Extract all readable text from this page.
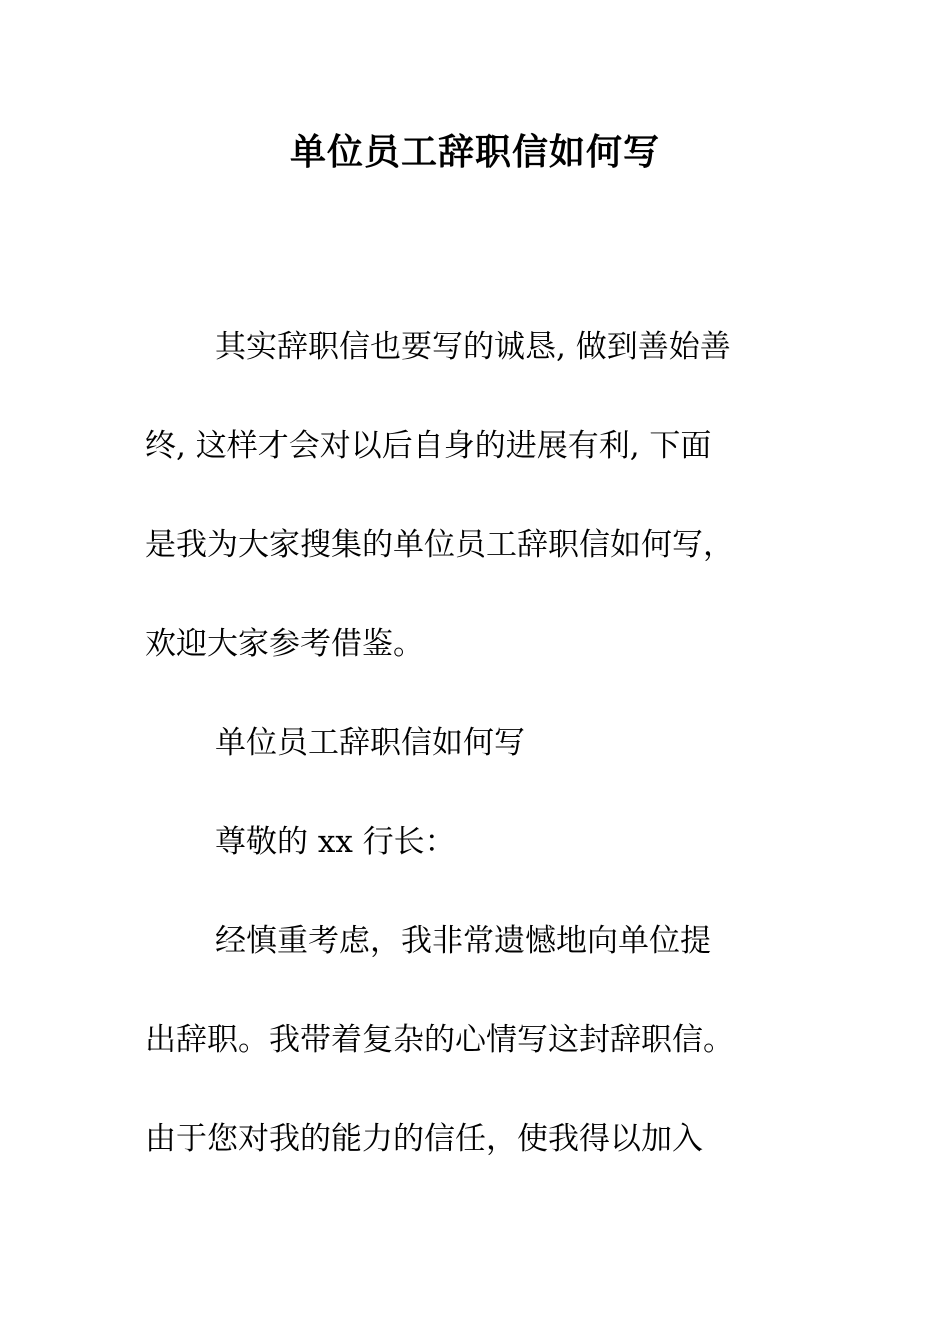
单位员工辞职信如何写
其实辞职信也要写的诚恳, 做到善始善
终, 这样才会对以后自身的进展有利, 下面
是我为大家搜集的单位员工辞职信如何写，
欢迎大家参考借鉴。
单位员工辞职信如何写
尊敬的 xx 行长：
经慎重考虑，我非常遗憾地向单位提
出辞职。我带着复杂的心情写这封辞职信。
由于您对我的能力的信任，使我得以加入
